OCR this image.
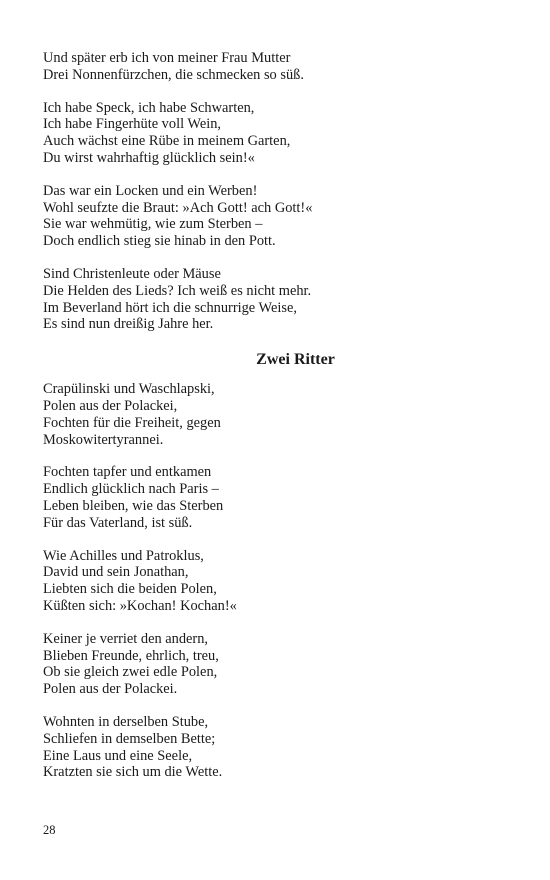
Und später erb ich von meiner Frau Mutter
Drei Nonnenfürzchen, die schmecken so süß.
Ich habe Speck, ich habe Schwarten,
Ich habe Fingerhüte voll Wein,
Auch wächst eine Rübe in meinem Garten,
Du wirst wahrhaftig glücklich sein!«
Das war ein Locken und ein Werben!
Wohl seufzte die Braut: »Ach Gott! ach Gott!«
Sie war wehmütig, wie zum Sterben –
Doch endlich stieg sie hinab in den Pott.
Sind Christenleute oder Mäuse
Die Helden des Lieds? Ich weiß es nicht mehr.
Im Beverland hört ich die schnurrige Weise,
Es sind nun dreißig Jahre her.
Zwei Ritter
Crapülinski und Waschlapski,
Polen aus der Polackei,
Fochten für die Freiheit, gegen
Moskowitertyrannei.
Fochten tapfer und entkamen
Endlich glücklich nach Paris –
Leben bleiben, wie das Sterben
Für das Vaterland, ist süß.
Wie Achilles und Patroklus,
David und sein Jonathan,
Liebten sich die beiden Polen,
Küßten sich: »Kochan! Kochan!«
Keiner je verriet den andern,
Blieben Freunde, ehrlich, treu,
Ob sie gleich zwei edle Polen,
Polen aus der Polackei.
Wohnten in derselben Stube,
Schliefen in demselben Bette;
Eine Laus und eine Seele,
Kratzten sie sich um die Wette.
28
